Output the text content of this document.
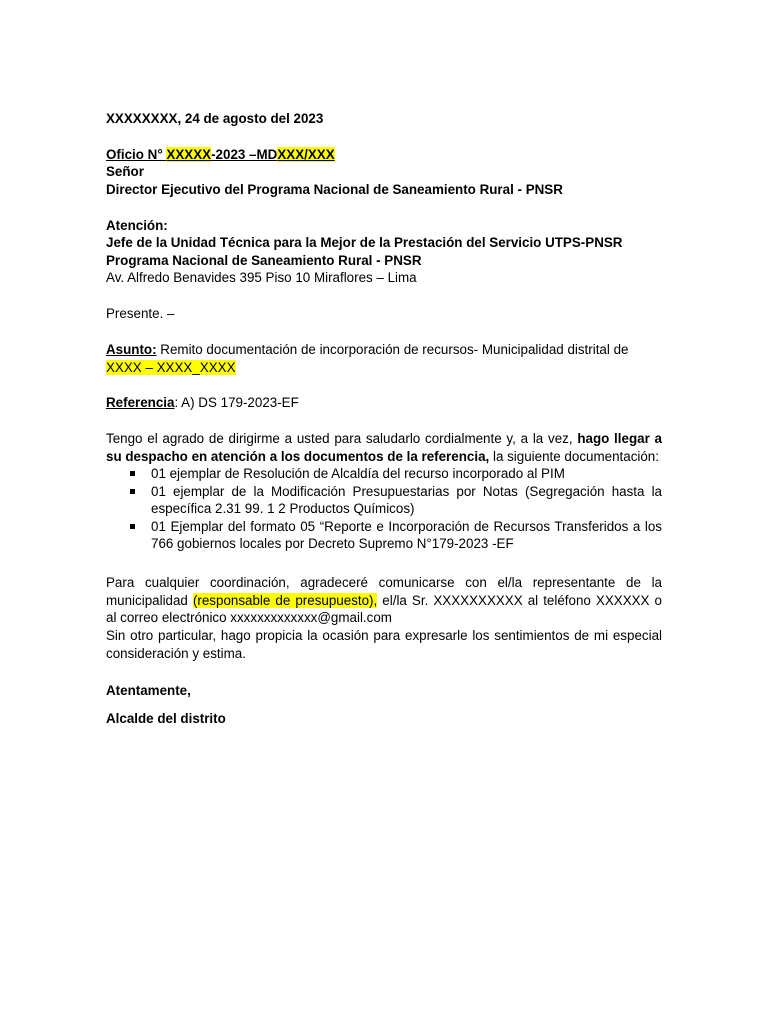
XXXXXXXX, 24 de agosto del 2023
Oficio N° XXXXX-2023 –MDXXX/XXX
Señor
Director Ejecutivo del Programa Nacional de Saneamiento Rural - PNSR
Atención:
Jefe de la Unidad Técnica para la Mejor de la Prestación del Servicio UTPS-PNSR
Programa Nacional de Saneamiento Rural - PNSR
Av. Alfredo Benavides 395 Piso 10 Miraflores – Lima
Presente. –
Asunto: Remito documentación de incorporación de recursos- Municipalidad distrital de XXXX – XXXX_XXXX
Referencia: A) DS 179-2023-EF
Tengo el agrado de dirigirme a usted para saludarlo cordialmente y, a la vez, hago llegar a su despacho en atención a los documentos de la referencia, la siguiente documentación:
01 ejemplar de Resolución de Alcaldía del recurso incorporado al PIM
01 ejemplar de la Modificación Presupuestarias por Notas (Segregación hasta la específica 2.31 99. 1 2 Productos Químicos)
01 Ejemplar del formato 05 “Reporte e Incorporación de Recursos Transferidos a los 766 gobiernos locales por Decreto Supremo N°179-2023 -EF
Para cualquier coordinación, agradeceré comunicarse con el/la representante de la municipalidad (responsable de presupuesto), el/la Sr. XXXXXXXXXX al teléfono XXXXXX o al correo electrónico xxxxxxxxxxxxx@gmail.com
Sin otro particular, hago propicia la ocasión para expresarle los sentimientos de mi especial consideración y estima.
Atentamente,
Alcalde del distrito
